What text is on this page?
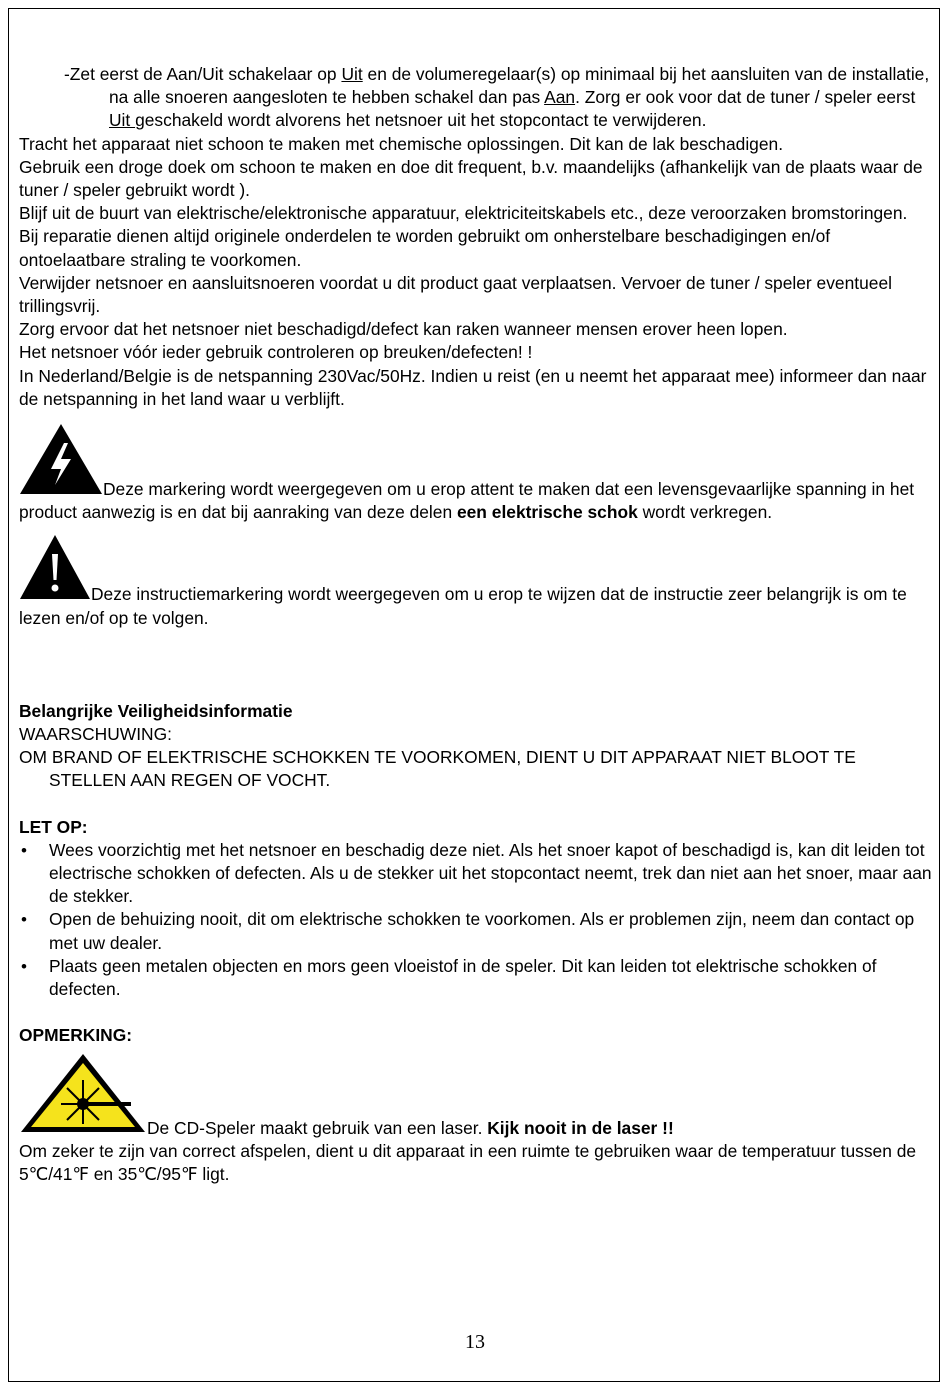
-Zet eerst de Aan/Uit schakelaar op Uit en de volumeregelaar(s) op minimaal bij het aansluiten van de installatie, na alle snoeren aangesloten te hebben schakel dan pas Aan. Zorg er ook voor dat de tuner / speler eerst Uit geschakeld wordt alvorens het netsnoer uit het stopcontact te verwijderen.

Tracht het apparaat niet schoon te maken met chemische oplossingen. Dit kan de lak beschadigen.

Gebruik een droge doek om schoon te maken en doe dit frequent, b.v. maandelijks (afhankelijk van de plaats waar de tuner / speler gebruikt wordt ).

Blijf uit de buurt van elektrische/elektronische apparatuur, elektriciteitskabels etc., deze veroorzaken bromstoringen.

Bij reparatie dienen altijd originele onderdelen te worden gebruikt om onherstelbare beschadigingen en/of ontoelaatbare straling te voorkomen.

Verwijder netsnoer en aansluitsnoeren voordat u dit product gaat verplaatsen. Vervoer de tuner / speler eventueel trillingsvrij.

Zorg ervoor dat het netsnoer niet beschadigd/defect kan raken wanneer mensen erover heen lopen.

Het netsnoer vóór ieder gebruik controleren op breuken/defecten! !

In Nederland/Belgie is de netspanning 230Vac/50Hz. Indien u reist (en u neemt het apparaat mee) informeer dan naar de netspanning in het land waar u verblijft.

Deze markering wordt weergegeven om u erop attent te maken dat een levensgevaarlijke spanning in het product aanwezig is en dat bij aanraking van deze delen een elektrische schok wordt verkregen.

Deze instructiemarkering wordt weergegeven om u erop te wijzen dat de instructie zeer belangrijk is om te lezen en/of op te volgen.

Belangrijke Veiligheidsinformatie

WAARSCHUWING:

OM BRAND OF ELEKTRISCHE SCHOKKEN TE VOORKOMEN, DIENT U DIT APPARAAT NIET BLOOT TE STELLEN AAN REGEN OF VOCHT.

LET OP:

• Wees voorzichtig met het netsnoer en beschadig deze niet. Als het snoer kapot of beschadigd is, kan dit leiden tot electrische schokken of defecten. Als u de stekker uit het stopcontact neemt, trek dan niet aan het snoer, maar aan de stekker.
• Open de behuizing nooit, dit om elektrische schokken te voorkomen. Als er problemen zijn, neem dan contact op met uw dealer.
• Plaats geen metalen objecten en mors geen vloeistof in de speler. Dit kan leiden tot elektrische schokken of defecten.

OPMERKING:

De CD-Speler maakt gebruik van een laser. Kijk nooit in de laser !!

Om zeker te zijn van correct afspelen, dient u dit apparaat in een ruimte te gebruiken waar de temperatuur tussen de 5℃/41℉ en 35℃/95℉ ligt.

13
